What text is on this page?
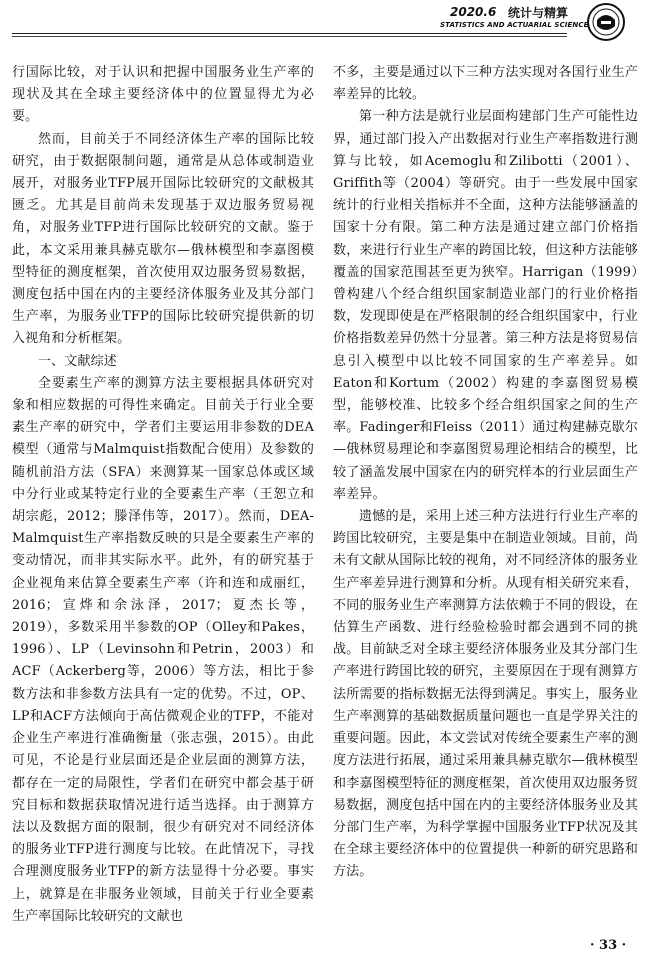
2020.6 统计与精算
STATISTICS AND ACTUARIAL SCIENCE

行国际比较，对于认识和把握中国服务业生产率的现状及其在全球主要经济体中的位置显得尤为必要。

然而，目前关于不同经济体生产率的国际比较研究，由于数据限制问题，通常是从总体或制造业展开，对服务业TFP展开国际比较研究的文献极其匮乏。尤其是目前尚未发现基于双边服务贸易视角，对服务业TFP进行国际比较研究的文献。鉴于此，本文采用兼具赫克歇尔—俄林模型和李嘉图模型特征的测度框架，首次使用双边服务贸易数据，测度包括中国在内的主要经济体服务业及其分部门生产率，为服务业TFP的国际比较研究提供新的切入视角和分析框架。

一、文献综述

全要素生产率的测算方法主要根据具体研究对象和相应数据的可得性来确定。目前关于行业全要素生产率的研究中，学者们主要运用非参数的DEA模型（通常与Malmquist指数配合使用）及参数的随机前沿方法（SFA）来测算某一国家总体或区域中分行业或某特定行业的全要素生产率（王恕立和胡宗彪，2012；滕泽伟等，2017）。然而，DEA-Malmquist生产率指数反映的只是全要素生产率的变动情况，而非其实际水平。此外，有的研究基于企业视角来估算全要素生产率（许和连和成丽红，2016；宣烨和余泳泽，2017；夏杰长等，2019），多数采用半参数的OP（Olley和Pakes，1996）、LP（Levinsohn和Petrin，2003）和ACF（Ackerberg等，2006）等方法，相比于参数方法和非参数方法具有一定的优势。不过，OP、LP和ACF方法倾向于高估微观企业的TFP，不能对企业生产率进行准确衡量（张志强，2015）。由此可见，不论是行业层面还是企业层面的测算方法，都存在一定的局限性，学者们在研究中都会基于研究目标和数据获取情况进行适当选择。由于测算方法以及数据方面的限制，很少有研究对不同经济体的服务业TFP进行测度与比较。在此情况下，寻找合理测度服务业TFP的新方法显得十分必要。事实上，就算是在非服务业领域，目前关于行业全要素生产率国际比较研究的文献也

不多，主要是通过以下三种方法实现对各国行业生产率差异的比较。

第一种方法是就行业层面构建部门生产可能性边界，通过部门投入产出数据对行业生产率指数进行测算与比较，如Acemoglu和Zilibotti（2001）、Griffith等（2004）等研究。由于一些发展中国家统计的行业相关指标并不全面，这种方法能够涵盖的国家十分有限。第二种方法是通过建立部门价格指数，来进行行业生产率的跨国比较，但这种方法能够覆盖的国家范围甚至更为狭窄。Harrigan（1999）曾构建八个经合组织国家制造业部门的行业价格指数，发现即使是在严格限制的经合组织国家中，行业价格指数差异仍然十分显著。第三种方法是将贸易信息引入模型中以比较不同国家的生产率差异。如Eaton和Kortum（2002）构建的李嘉图贸易模型，能够校准、比较多个经合组织国家之间的生产率。Fadinger和Fleiss（2011）通过构建赫克歇尔—俄林贸易理论和李嘉图贸易理论相结合的模型，比较了涵盖发展中国家在内的研究样本的行业层面生产率差异。

遗憾的是，采用上述三种方法进行行业生产率的跨国比较研究，主要是集中在制造业领域。目前，尚未有文献从国际比较的视角，对不同经济体的服务业生产率差异进行测算和分析。从现有相关研究来看，不同的服务业生产率测算方法依赖于不同的假设，在估算生产函数、进行经验检验时都会遇到不同的挑战。目前缺乏对全球主要经济体服务业及其分部门生产率进行跨国比较的研究，主要原因在于现有测算方法所需要的指标数据无法得到满足。事实上，服务业生产率测算的基础数据质量问题也一直是学界关注的重要问题。因此，本文尝试对传统全要素生产率的测度方法进行拓展，通过采用兼具赫克歇尔—俄林模型和李嘉图模型特征的测度框架，首次使用双边服务贸易数据，测度包括中国在内的主要经济体服务业及其分部门生产率，为科学掌握中国服务业TFP状况及其在全球主要经济体中的位置提供一种新的研究思路和方法。

· 33 ·
